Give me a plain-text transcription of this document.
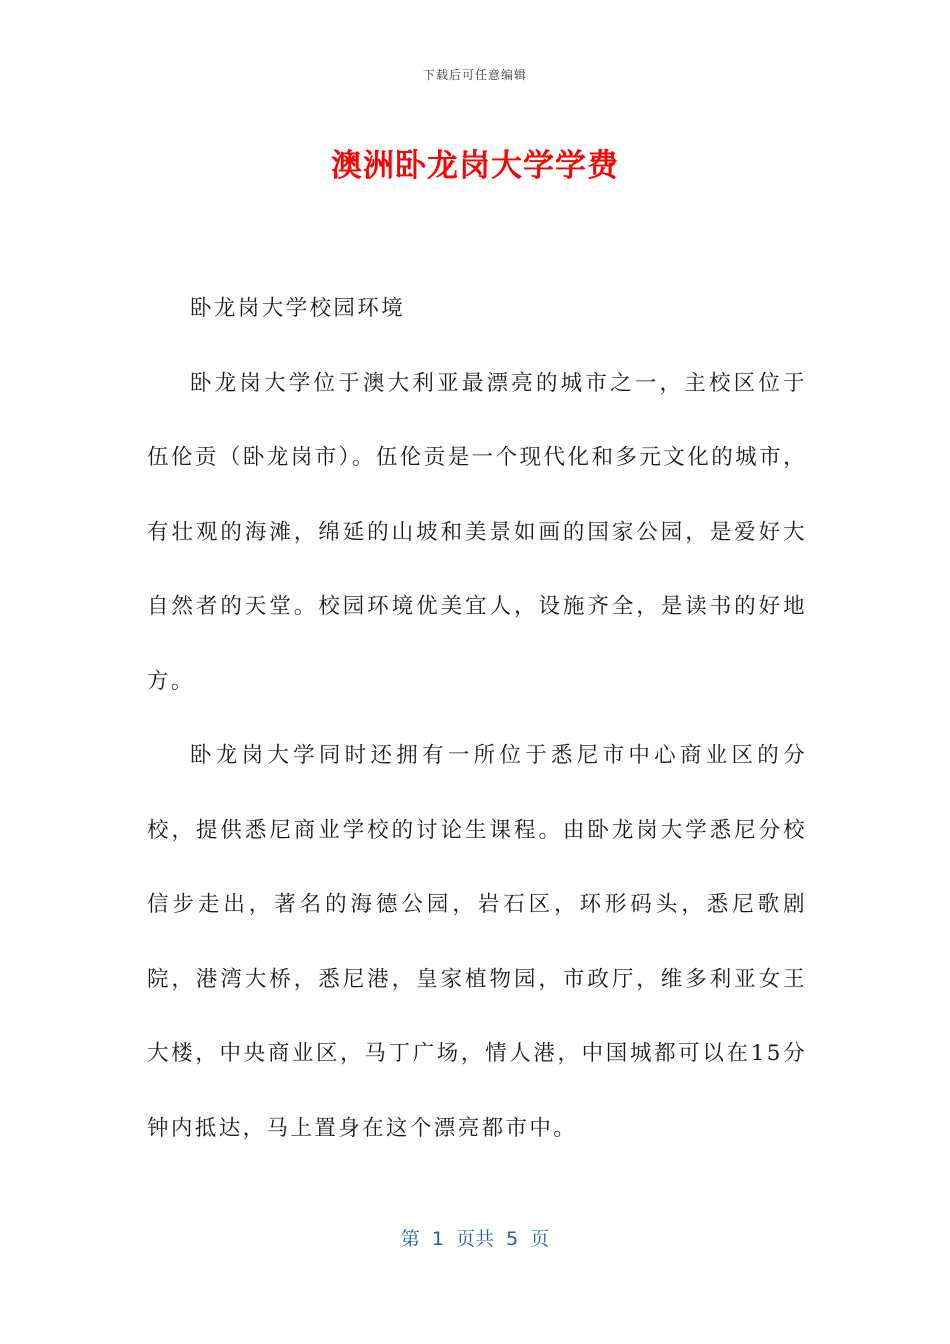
下载后可任意编辑
澳洲卧龙岗大学学费

卧龙岗大学校园环境

卧龙岗大学位于澳大利亚最漂亮的城市之一，主校区位于伍伦贡（卧龙岗市）。伍伦贡是一个现代化和多元文化的城市，有壮观的海滩，绵延的山坡和美景如画的国家公园，是爱好大自然者的天堂。校园环境优美宜人，设施齐全，是读书的好地方。

卧龙岗大学同时还拥有一所位于悉尼市中心商业区的分校，提供悉尼商业学校的讨论生课程。由卧龙岗大学悉尼分校信步走出，著名的海德公园，岩石区，环形码头，悉尼歌剧院，港湾大桥，悉尼港，皇家植物园，市政厅，维多利亚女王大楼，中央商业区，马丁广场，情人港，中国城都可以在15分钟内抵达，马上置身在这个漂亮都市中。

第  1  页共  5  页
